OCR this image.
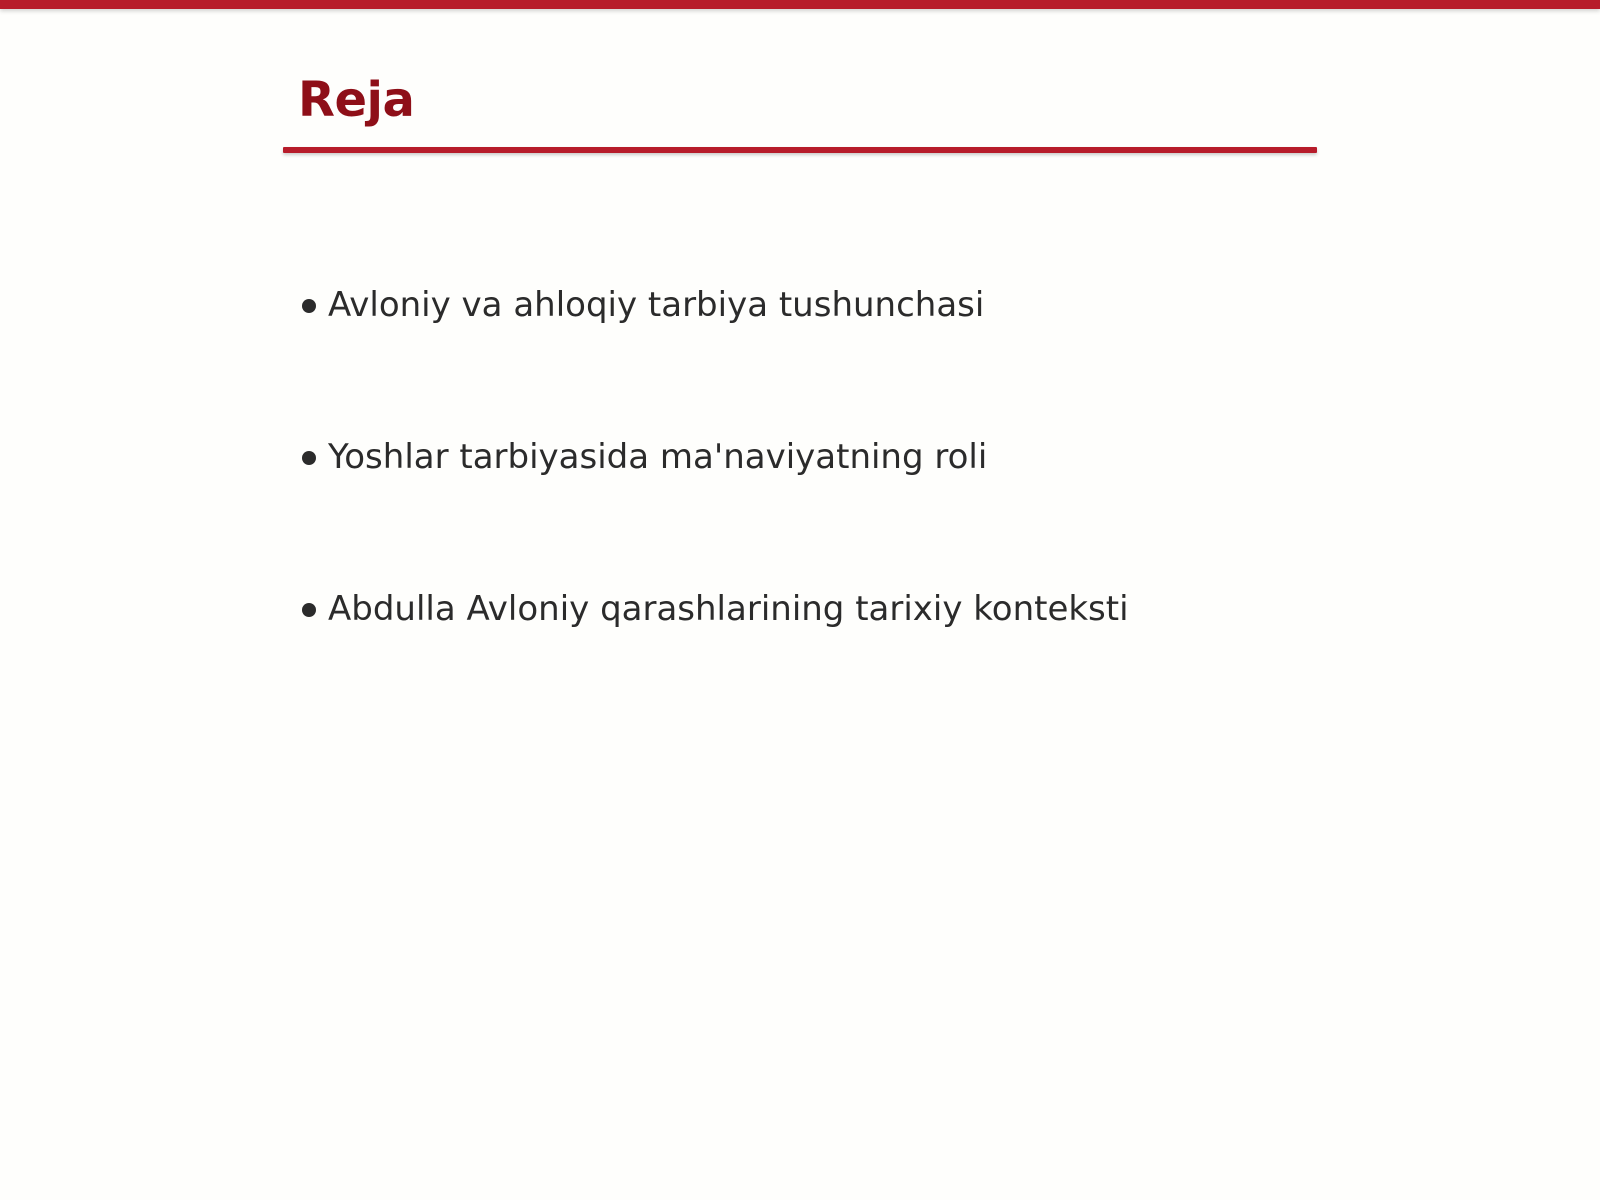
Reja
Avloniy va ahloqiy tarbiya tushunchasi
Yoshlar tarbiyasida ma'naviyatning roli
Abdulla Avloniy qarashlarining tarixiy konteksti
